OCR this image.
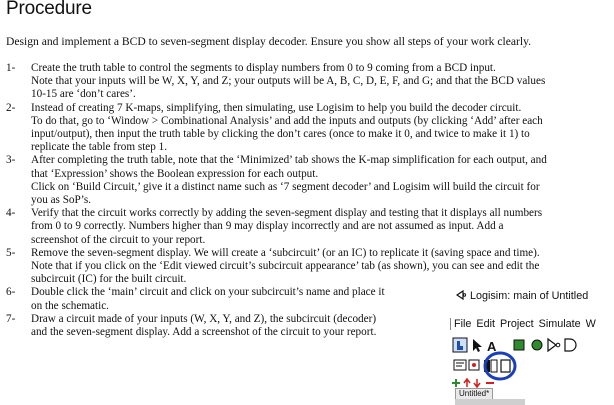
Procedure
Design and implement a BCD to seven-segment display decoder. Ensure you show all steps of your work clearly.
1- Create the truth table to control the segments to display numbers from 0 to 9 coming from a BCD input.
Note that your inputs will be W, X, Y, and Z; your outputs will be A, B, C, D, E, F, and G; and that the BCD values
10-15 are ‘don’t cares’.
2- Instead of creating 7 K-maps, simplifying, then simulating, use Logisim to help you build the decoder circuit.
To do that, go to ‘Window > Combinational Analysis’ and add the inputs and outputs (by clicking ‘Add’ after each
input/output), then input the truth table by clicking the don’t cares (once to make it 0, and twice to make it 1) to
replicate the table from step 1.
3- After completing the truth table, note that the ‘Minimized’ tab shows the K-map simplification for each output, and
that ‘Expression’ shows the Boolean expression for each output.
Click on ‘Build Circuit,’ give it a distinct name such as ‘7 segment decoder’ and Logisim will build the circuit for
you as SoP’s.
4- Verify that the circuit works correctly by adding the seven-segment display and testing that it displays all numbers
from 0 to 9 correctly. Numbers higher than 9 may display incorrectly and are not assumed as input. Add a
screenshot of the circuit to your report.
5- Remove the seven-segment display. We will create a ‘subcircuit’ (or an IC) to replicate it (saving space and time).
Note that if you click on the ‘Edit viewed circuit’s subcircuit appearance’ tab (as shown), you can see and edit the
subcircuit (IC) for the built circuit.
6- Double click the ‘main’ circuit and click on your subcircuit’s name and place it
on the schematic.
7- Draw a circuit made of your inputs (W, X, Y, and Z), the subcircuit (decoder)
and the seven-segment display. Add a screenshot of the circuit to your report.
Logisim: main of Untitled
File Edit Project Simulate W
A
Untitled*
